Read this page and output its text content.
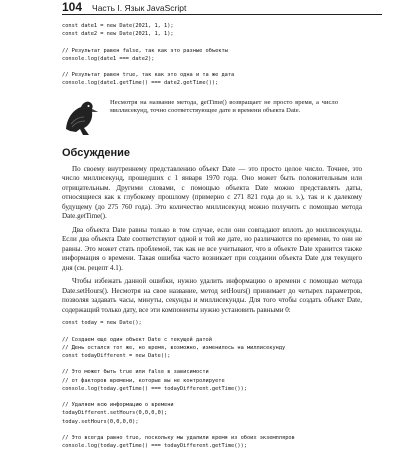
104 Часть I. Язык JavaScript
const date1 = new Date(2021, 1, 1);
const date2 = new Date(2021, 1, 1);

// Результат равен false, так как это разные объекты
console.log(date1 === date2);

// Результат равен true, так как это одна и та же дата
console.log(date1.getTime() === date2.getTime());
Несмотря на название метода, getTime() возвращает не просто время, а число миллисекунд, точно соответствующее дате и времени объекта Date.
Обсуждение

По своему внутреннему представлению объект Date — это просто целое число. Точнее, это число миллисекунд, прошедших с 1 января 1970 года. Оно может быть положительным или отрицательным. Другими словами, с помощью объекта Date можно представлять даты, относящиеся как к глубокому прошлому (примерно с 271 821 года до н. э.), так и к далекому будущему (до 275 760 года). Это количество миллисекунд можно получить с помощью метода Date.getTime().

Два объекта Date равны только в том случае, если они совпадают вплоть до миллисекунды. Если два объекта Date соответствуют одной и той же дате, но различаются по времени, то они не равны. Это может стать проблемой, так как не все учитывают, что в объекте Date хранится также информация о времени. Такая ошибка часто возникает при создании объекта Date для текущего дня (см. рецепт 4.1).

Чтобы избежать данной ошибки, нужно удалить информацию о времени с помощью метода Date.setHours(). Несмотря на свое название, метод setHours() принимает до четырех параметров, позволяя задавать часы, минуты, секунды и миллисекунды. Для того чтобы создать объект Date, содержащий только дату, все эти компоненты нужно установить равными 0:

const today = new Date();

// Создаем еще один объект Date с текущей датой
// День остался тот же, но время, возможно, изменилось на миллисекунду
const todayDifferent = new Date();

// Это может быть true или false в зависимости
// от факторов времени, которые вы не контролируете
console.log(today.getTime() === todayDifferent.getTime());

// Удаляем всю информацию о времени
todayDifferent.setHours(0,0,0,0);
today.setHours(0,0,0,0);

// Это всегда равно true, поскольку мы удалили время из обоих экземпляров
console.log(today.getTime() === todayDifferent.getTime());
